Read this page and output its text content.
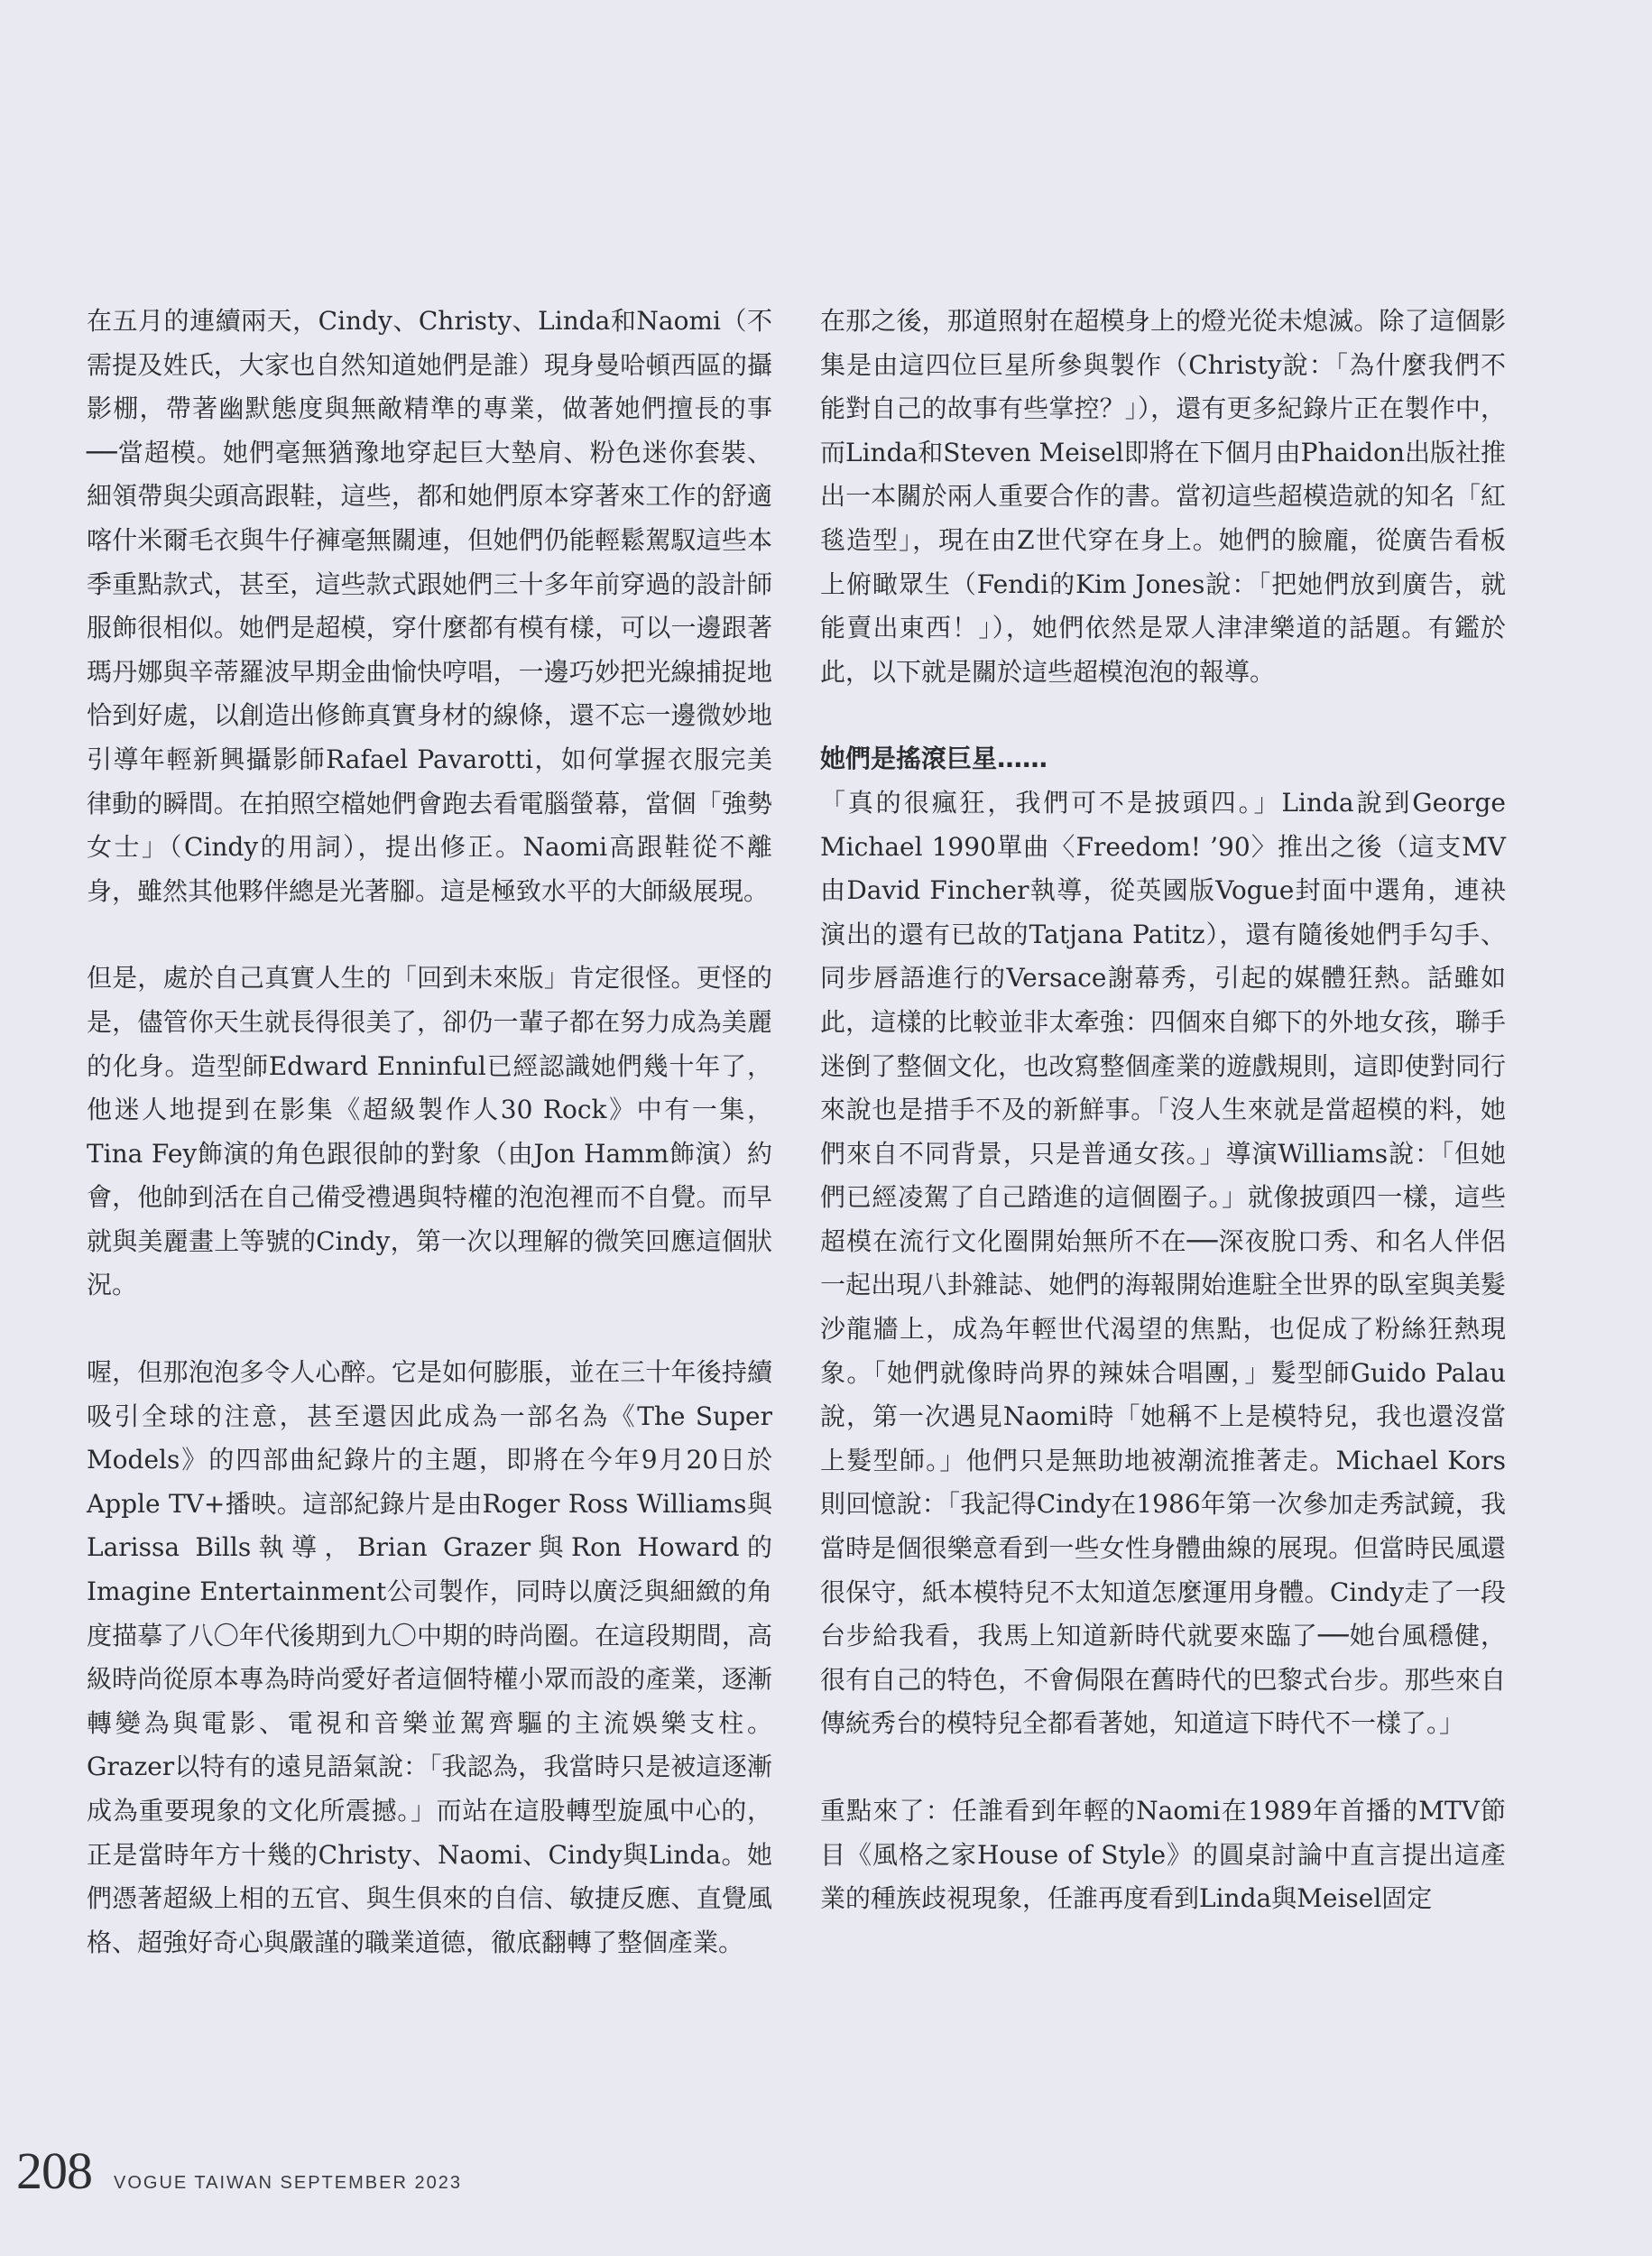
在五月的連續兩天，Cindy、Christy、Linda和Naomi（不需提及姓氏，大家也自然知道她們是誰）現身曼哈頓西區的攝影棚，帶著幽默態度與無敵精準的專業，做著她們擅長的事──當超模。她們毫無猶豫地穿起巨大墊肩、粉色迷你套裝、細領帶與尖頭高跟鞋，這些，都和她們原本穿著來工作的舒適喀什米爾毛衣與牛仔褲毫無關連，但她們仍能輕鬆駕馭這些本季重點款式，甚至，這些款式跟她們三十多年前穿過的設計師服飾很相似。她們是超模，穿什麼都有模有樣，可以一邊跟著瑪丹娜與辛蒂羅波早期金曲愉快哼唱，一邊巧妙把光線捕捉地恰到好處，以創造出修飾真實身材的線條，還不忘一邊微妙地引導年輕新興攝影師Rafael Pavarotti，如何掌握衣服完美律動的瞬間。在拍照空檔她們會跑去看電腦螢幕，當個「強勢女士」（Cindy的用詞），提出修正。Naomi高跟鞋從不離身，雖然其他夥伴總是光著腳。這是極致水平的大師級展現。

但是，處於自己真實人生的「回到未來版」肯定很怪。更怪的是，儘管你天生就長得很美了，卻仍一輩子都在努力成為美麗的化身。造型師Edward Enninful已經認識她們幾十年了，他迷人地提到在影集《超級製作人30 Rock》中有一集，Tina Fey飾演的角色跟很帥的對象（由Jon Hamm飾演）約會，他帥到活在自己備受禮遇與特權的泡泡裡而不自覺。而早就與美麗畫上等號的Cindy，第一次以理解的微笑回應這個狀況。

喔，但那泡泡多令人心醉。它是如何膨脹，並在三十年後持續吸引全球的注意，甚至還因此成為一部名為《The Super Models》的四部曲紀錄片的主題，即將在今年9月20日於Apple TV+播映。這部紀錄片是由Roger Ross Williams與Larissa Bills執導，Brian Grazer與Ron Howard的Imagine Entertainment公司製作，同時以廣泛與細緻的角度描摹了八〇年代後期到九〇中期的時尚圈。在這段期間，高級時尚從原本專為時尚愛好者這個特權小眾而設的產業，逐漸轉變為與電影、電視和音樂並駕齊驅的主流娛樂支柱。Grazer以特有的遠見語氣說：「我認為，我當時只是被這逐漸成為重要現象的文化所震撼。」而站在這股轉型旋風中心的，正是當時年方十幾的Christy、Naomi、Cindy與Linda。她們憑著超級上相的五官、與生俱來的自信、敏捷反應、直覺風格、超強好奇心與嚴謹的職業道德，徹底翻轉了整個產業。

在那之後，那道照射在超模身上的燈光從未熄滅。除了這個影集是由這四位巨星所參與製作（Christy說：「為什麼我們不能對自己的故事有些掌控？」），還有更多紀錄片正在製作中，而Linda和Steven Meisel即將在下個月由Phaidon出版社推出一本關於兩人重要合作的書。當初這些超模造就的知名「紅毯造型」，現在由Z世代穿在身上。她們的臉龐，從廣告看板上俯瞰眾生（Fendi的Kim Jones說：「把她們放到廣告，就能賣出東西！」），她們依然是眾人津津樂道的話題。有鑑於此，以下就是關於這些超模泡泡的報導。

她們是搖滾巨星……

「真的很瘋狂，我們可不是披頭四。」Linda說到George Michael 1990單曲〈Freedom! ’90〉推出之後（這支MV由David Fincher執導，從英國版Vogue封面中選角，連袂演出的還有已故的Tatjana Patitz），還有隨後她們手勾手、同步唇語進行的Versace謝幕秀，引起的媒體狂熱。話雖如此，這樣的比較並非太牽強：四個來自鄉下的外地女孩，聯手迷倒了整個文化，也改寫整個產業的遊戲規則，這即使對同行來說也是措手不及的新鮮事。「沒人生來就是當超模的料，她們來自不同背景，只是普通女孩。」導演Williams說：「但她們已經凌駕了自己踏進的這個圈子。」就像披頭四一樣，這些超模在流行文化圈開始無所不在──深夜脫口秀、和名人伴侶一起出現八卦雜誌、她們的海報開始進駐全世界的臥室與美髮沙龍牆上，成為年輕世代渴望的焦點，也促成了粉絲狂熱現象。「她們就像時尚界的辣妹合唱團，」髮型師Guido Palau說，第一次遇見Naomi時「她稱不上是模特兒，我也還沒當上髮型師。」他們只是無助地被潮流推著走。Michael Kors則回憶說：「我記得Cindy在1986年第一次參加走秀試鏡，我當時是個很樂意看到一些女性身體曲線的展現。但當時民風還很保守，紙本模特兒不太知道怎麼運用身體。Cindy走了一段台步給我看，我馬上知道新時代就要來臨了──她台風穩健，很有自己的特色，不會侷限在舊時代的巴黎式台步。那些來自傳統秀台的模特兒全都看著她，知道這下時代不一樣了。」

重點來了：任誰看到年輕的Naomi在1989年首播的MTV節目《風格之家House of Style》的圓桌討論中直言提出這產業的種族歧視現象，任誰再度看到Linda與Meisel固定

208 VOGUE TAIWAN SEPTEMBER 2023
